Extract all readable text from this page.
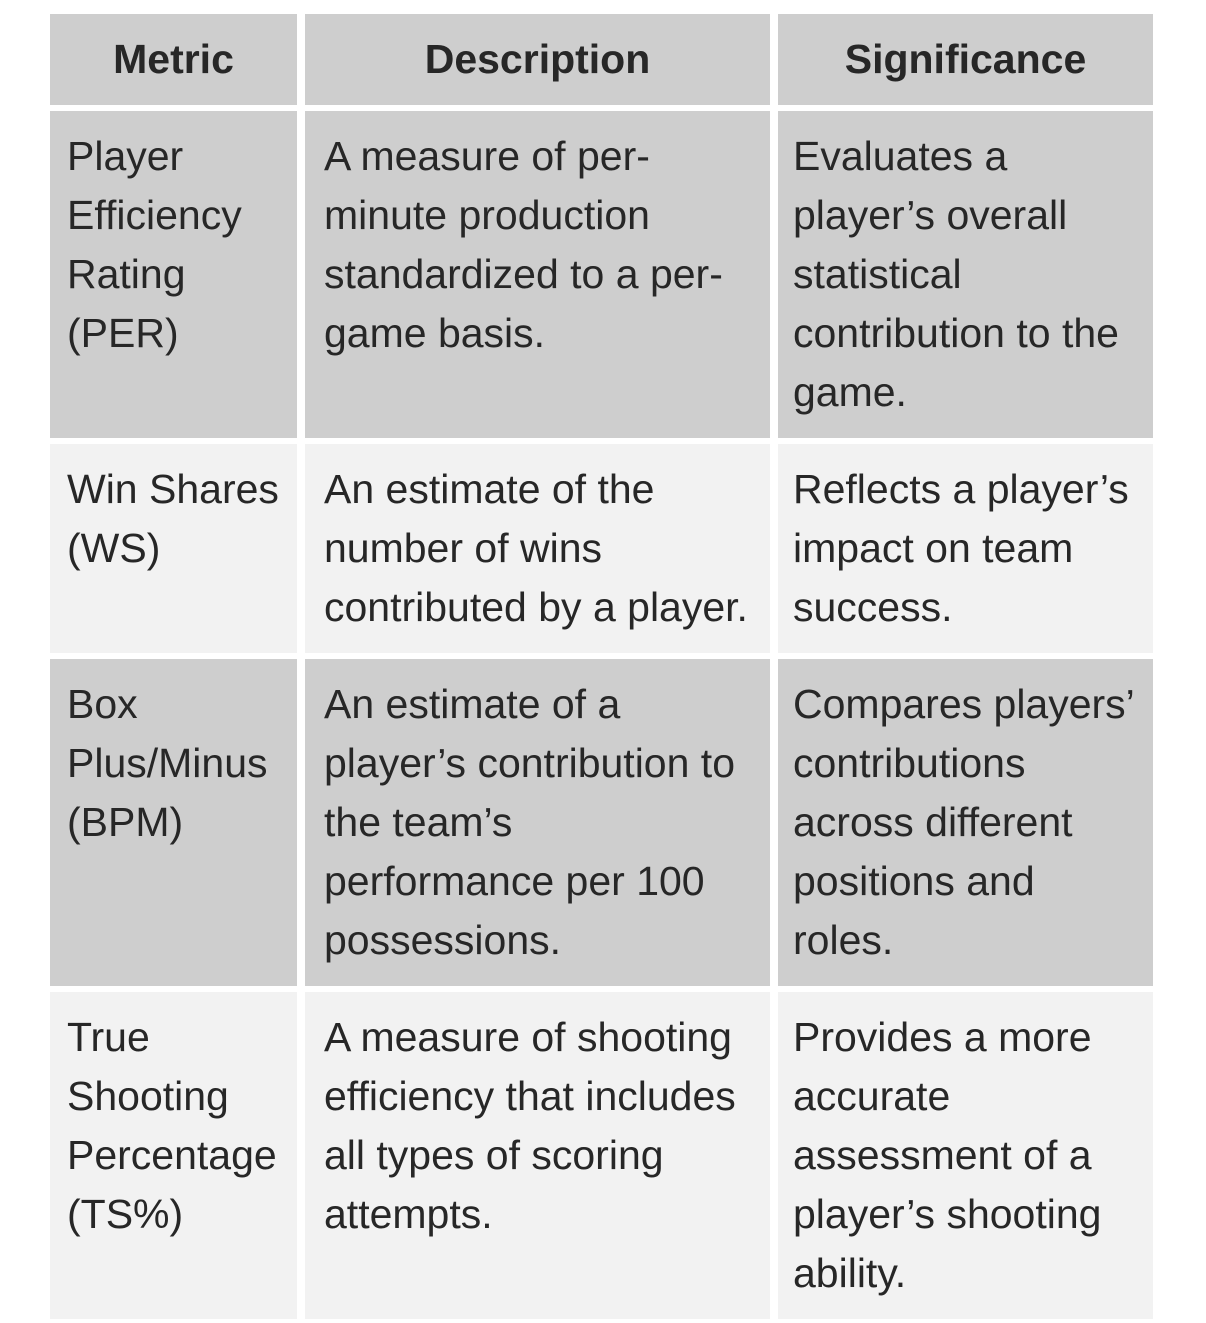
Metric	Description	Significance
Player Efficiency Rating (PER)
A measure of per-minute production standardized to a per-game basis.
Evaluates a player’s overall statistical contribution to the game.
Win Shares (WS)
An estimate of the number of wins contributed by a player.
Reflects a player’s impact on team success.
Box Plus/Minus (BPM)
An estimate of a player’s contribution to the team’s performance per 100 possessions.
Compares players’ contributions across different positions and roles.
True Shooting Percentage (TS%)
A measure of shooting efficiency that includes all types of scoring attempts.
Provides a more accurate assessment of a player’s shooting ability.
